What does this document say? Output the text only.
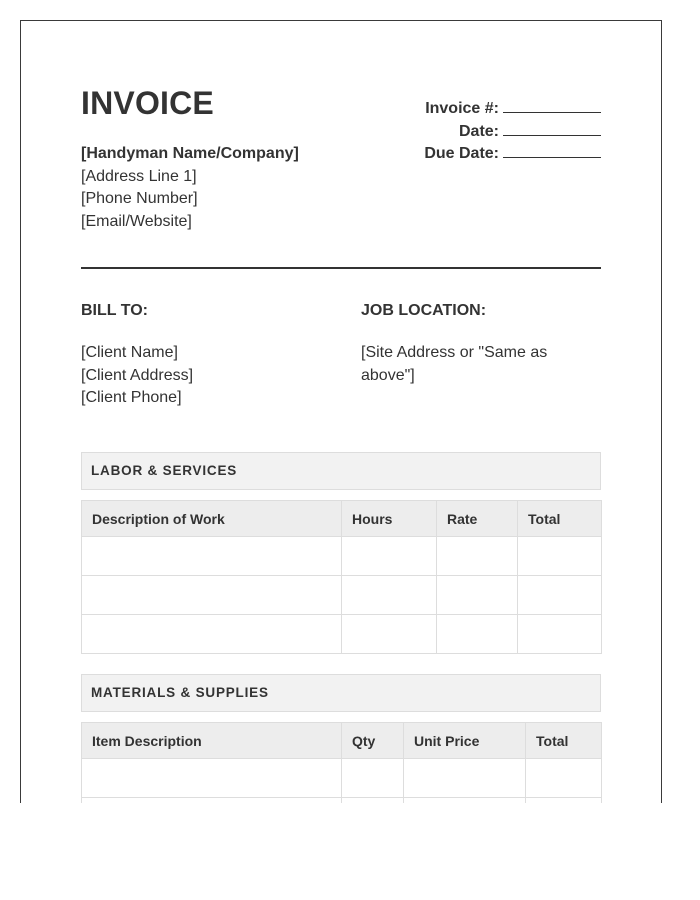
INVOICE
[Handyman Name/Company]
[Address Line 1]
[Phone Number]
[Email/Website]
Invoice #:
Date:
Due Date:
BILL TO:
[Client Name]
[Client Address]
[Client Phone]
JOB LOCATION:
[Site Address or "Same as above"]
LABOR & SERVICES
Description of Work	Hours	Rate	Total

MATERIALS & SUPPLIES
Item Description	Qty	Unit Price	Total
